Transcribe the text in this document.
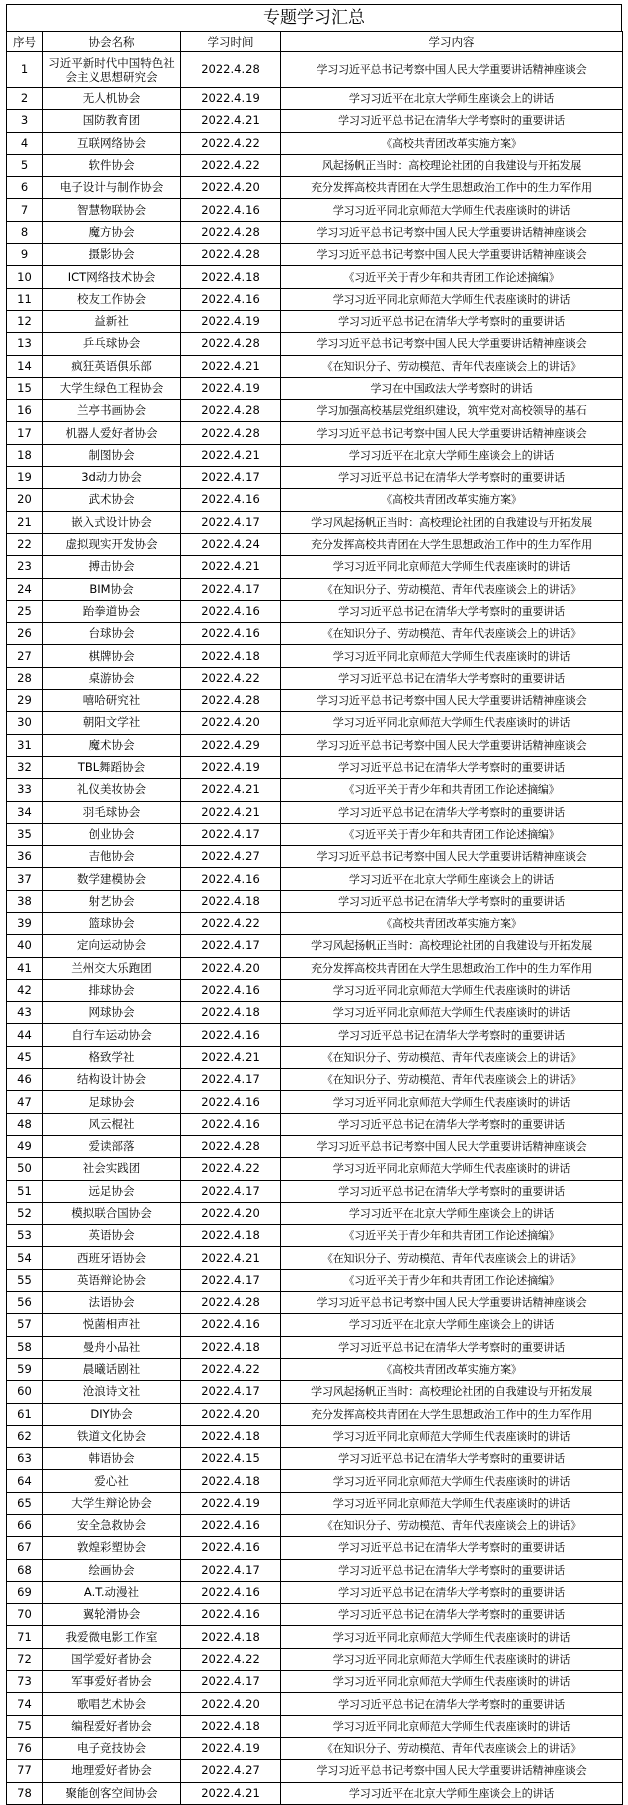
专题学习汇总
序号	协会名称	学习时间	学习内容
1	习近平新时代中国特色社会主义思想研究会	2022.4.28	学习习近平总书记考察中国人民大学重要讲话精神座谈会
2	无人机协会	2022.4.19	学习习近平在北京大学师生座谈会上的讲话
3	国防教育团	2022.4.21	学习习近平总书记在清华大学考察时的重要讲话
4	互联网络协会	2022.4.22	《高校共青团改革实施方案》
5	软件协会	2022.4.22	风起扬帆正当时：高校理论社团的自我建设与开拓发展
6	电子设计与制作协会	2022.4.20	充分发挥高校共青团在大学生思想政治工作中的生力军作用
7	智慧物联协会	2022.4.16	学习习近平同北京师范大学师生代表座谈时的讲话
8	魔方协会	2022.4.28	学习习近平总书记考察中国人民大学重要讲话精神座谈会
9	摄影协会	2022.4.28	学习习近平总书记考察中国人民大学重要讲话精神座谈会
10	ICT网络技术协会	2022.4.18	《习近平关于青少年和共青团工作论述摘编》
11	校友工作协会	2022.4.16	学习习近平同北京师范大学师生代表座谈时的讲话
12	益新社	2022.4.19	学习习近平总书记在清华大学考察时的重要讲话
13	乒乓球协会	2022.4.28	学习习近平总书记考察中国人民大学重要讲话精神座谈会
14	疯狂英语俱乐部	2022.4.21	《在知识分子、劳动模范、青年代表座谈会上的讲话》
15	大学生绿色工程协会	2022.4.19	学习在中国政法大学考察时的讲话
16	兰亭书画协会	2022.4.28	学习加强高校基层党组织建设，筑牢党对高校领导的基石
17	机器人爱好者协会	2022.4.28	学习习近平总书记考察中国人民大学重要讲话精神座谈会
18	制图协会	2022.4.21	学习习近平在北京大学师生座谈会上的讲话
19	3d动力协会	2022.4.17	学习习近平总书记在清华大学考察时的重要讲话
20	武术协会	2022.4.16	《高校共青团改革实施方案》
21	嵌入式设计协会	2022.4.17	学习风起扬帆正当时：高校理论社团的自我建设与开拓发展
22	虚拟现实开发协会	2022.4.24	充分发挥高校共青团在大学生思想政治工作中的生力军作用
23	搏击协会	2022.4.21	学习习近平同北京师范大学师生代表座谈时的讲话
24	BIM协会	2022.4.17	《在知识分子、劳动模范、青年代表座谈会上的讲话》
25	跆拳道协会	2022.4.16	学习习近平总书记在清华大学考察时的重要讲话
26	台球协会	2022.4.16	《在知识分子、劳动模范、青年代表座谈会上的讲话》
27	棋牌协会	2022.4.18	学习习近平同北京师范大学师生代表座谈时的讲话
28	桌游协会	2022.4.22	学习习近平总书记在清华大学考察时的重要讲话
29	嘻哈研究社	2022.4.28	学习习近平总书记考察中国人民大学重要讲话精神座谈会
30	朝阳文学社	2022.4.20	学习习近平同北京师范大学师生代表座谈时的讲话
31	魔术协会	2022.4.29	学习习近平总书记考察中国人民大学重要讲话精神座谈会
32	TBL舞蹈协会	2022.4.19	学习习近平总书记在清华大学考察时的重要讲话
33	礼仪美妆协会	2022.4.21	《习近平关于青少年和共青团工作论述摘编》
34	羽毛球协会	2022.4.21	学习习近平总书记在清华大学考察时的重要讲话
35	创业协会	2022.4.17	《习近平关于青少年和共青团工作论述摘编》
36	吉他协会	2022.4.27	学习习近平总书记考察中国人民大学重要讲话精神座谈会
37	数学建模协会	2022.4.16	学习习近平在北京大学师生座谈会上的讲话
38	射艺协会	2022.4.18	学习习近平总书记在清华大学考察时的重要讲话
39	篮球协会	2022.4.22	《高校共青团改革实施方案》
40	定向运动协会	2022.4.17	学习风起扬帆正当时：高校理论社团的自我建设与开拓发展
41	兰州交大乐跑团	2022.4.20	充分发挥高校共青团在大学生思想政治工作中的生力军作用
42	排球协会	2022.4.16	学习习近平同北京师范大学师生代表座谈时的讲话
43	网球协会	2022.4.18	学习习近平同北京师范大学师生代表座谈时的讲话
44	自行车运动协会	2022.4.16	学习习近平总书记在清华大学考察时的重要讲话
45	格致学社	2022.4.21	《在知识分子、劳动模范、青年代表座谈会上的讲话》
46	结构设计协会	2022.4.17	《在知识分子、劳动模范、青年代表座谈会上的讲话》
47	足球协会	2022.4.16	学习习近平同北京师范大学师生代表座谈时的讲话
48	风云棍社	2022.4.16	学习习近平总书记在清华大学考察时的重要讲话
49	爱读部落	2022.4.28	学习习近平总书记考察中国人民大学重要讲话精神座谈会
50	社会实践团	2022.4.22	学习习近平同北京师范大学师生代表座谈时的讲话
51	远足协会	2022.4.17	学习习近平总书记在清华大学考察时的重要讲话
52	模拟联合国协会	2022.4.20	学习习近平在北京大学师生座谈会上的讲话
53	英语协会	2022.4.18	《习近平关于青少年和共青团工作论述摘编》
54	西班牙语协会	2022.4.21	《在知识分子、劳动模范、青年代表座谈会上的讲话》
55	英语辩论协会	2022.4.17	《习近平关于青少年和共青团工作论述摘编》
56	法语协会	2022.4.28	学习习近平总书记考察中国人民大学重要讲话精神座谈会
57	悦菌相声社	2022.4.16	学习习近平在北京大学师生座谈会上的讲话
58	曼舟小品社	2022.4.18	学习习近平总书记在清华大学考察时的重要讲话
59	晨曦话剧社	2022.4.22	《高校共青团改革实施方案》
60	沧浪诗文社	2022.4.17	学习风起扬帆正当时：高校理论社团的自我建设与开拓发展
61	DIY协会	2022.4.20	充分发挥高校共青团在大学生思想政治工作中的生力军作用
62	铁道文化协会	2022.4.18	学习习近平同北京师范大学师生代表座谈时的讲话
63	韩语协会	2022.4.15	学习习近平总书记在清华大学考察时的重要讲话
64	爱心社	2022.4.18	学习习近平同北京师范大学师生代表座谈时的讲话
65	大学生辩论协会	2022.4.19	学习习近平同北京师范大学师生代表座谈时的讲话
66	安全急救协会	2022.4.16	《在知识分子、劳动模范、青年代表座谈会上的讲话》
67	敦煌彩塑协会	2022.4.16	学习习近平总书记在清华大学考察时的重要讲话
68	绘画协会	2022.4.17	学习习近平总书记在清华大学考察时的重要讲话
69	A.T.动漫社	2022.4.16	学习习近平总书记在清华大学考察时的重要讲话
70	翼轮滑协会	2022.4.16	学习习近平总书记在清华大学考察时的重要讲话
71	我爱微电影工作室	2022.4.18	学习习近平同北京师范大学师生代表座谈时的讲话
72	国学爱好者协会	2022.4.22	学习习近平同北京师范大学师生代表座谈时的讲话
73	军事爱好者协会	2022.4.17	学习习近平同北京师范大学师生代表座谈时的讲话
74	歌唱艺术协会	2022.4.20	学习习近平总书记在清华大学考察时的重要讲话
75	编程爱好者协会	2022.4.18	学习习近平同北京师范大学师生代表座谈时的讲话
76	电子竞技协会	2022.4.19	《在知识分子、劳动模范、青年代表座谈会上的讲话》
77	地理爱好者协会	2022.4.27	学习习近平总书记考察中国人民大学重要讲话精神座谈会
78	聚能创客空间协会	2022.4.21	学习习近平在北京大学师生座谈会上的讲话
